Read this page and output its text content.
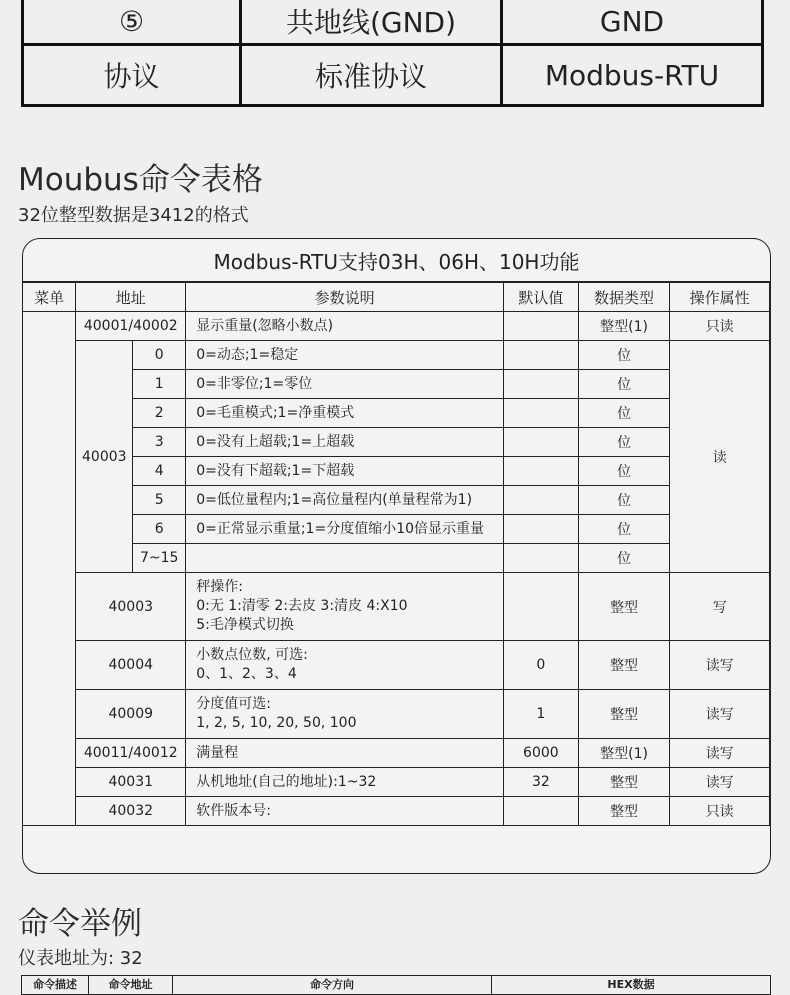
⑤	共地线(GND)	GND
协议	标准协议	Modbus-RTU
Moubus命令表格

32位整型数据是3412的格式

Modbus-RTU支持03H、06H、10H功能
菜单	地址		参数说明	默认值	数据类型	操作属性
	40001/40002		显示重量(忽略小数点)		整型(1)	只读
	40003	0	0=动态;1=稳定		位	读
		1	0=非零位;1=零位		位	
		2	0=毛重模式;1=净重模式		位	
		3	0=没有上超载;1=上超载		位	
		4	0=没有下超载;1=下超载		位	
		5	0=低位量程内;1=高位量程内(单量程常为1)		位	
		6	0=正常显示重量;1=分度值缩小10倍显示重量		位	
		7~15			位	
	40003		秤操作:
0:无 1:清零 2:去皮 3:清皮 4:X10
5:毛净模式切换		整型	写
	40004		小数点位数, 可选:
0、1、2、3、4	0	整型	读写
	40009		分度值可选:
1, 2, 5, 10, 20, 50, 100	1	整型	读写
	40011/40012		满量程	6000	整型(1)	读写
	40031		从机地址(自己的地址):1~32	32	整型	读写
	40032		软件版本号:		整型	只读
命令举例

仪表地址为: 32

命令描述	命令地址	命令方向	HEX数据
